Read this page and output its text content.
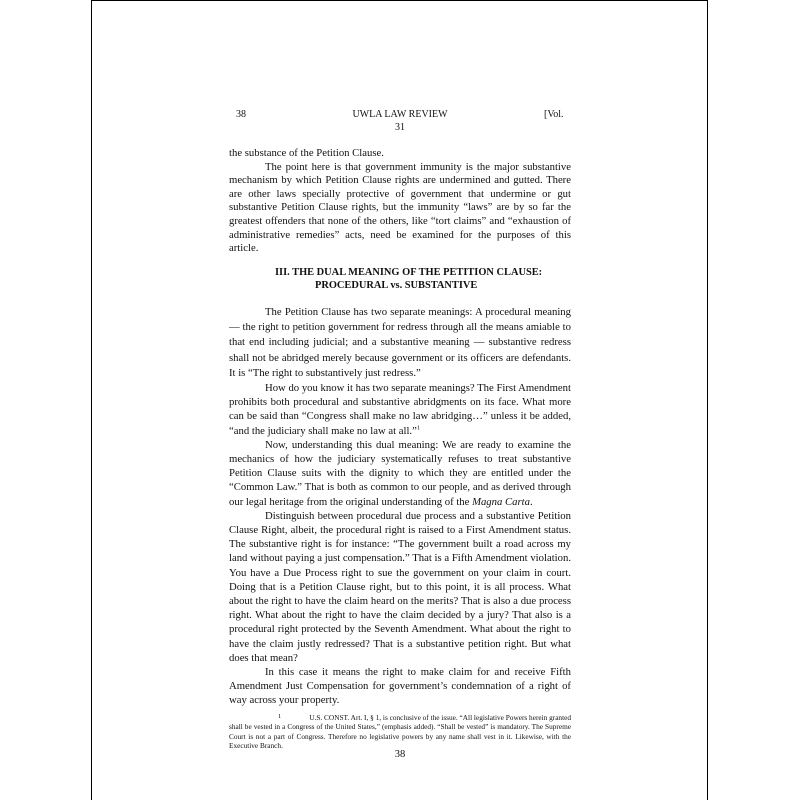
38	UWLA LAW REVIEW	[Vol.
31

the substance of the Petition Clause.

The point here is that government immunity is the major substantive mechanism by which Petition Clause rights are undermined and gutted. There are other laws specially protective of government that undermine or gut substantive Petition Clause rights, but the immunity “laws” are by so far the greatest offenders that none of the others, like “tort claims” and “exhaustion of administrative remedies” acts, need be examined for the purposes of this article.

III. THE DUAL MEANING OF THE PETITION CLAUSE:
PROCEDURAL vs. SUBSTANTIVE

The Petition Clause has two separate meanings: A procedural meaning — the right to petition government for redress through all the means amiable to that end including judicial; and a substantive meaning — substantive redress shall not be abridged merely because government or its officers are defendants. It is “The right to substantively just redress.”

How do you know it has two separate meanings? The First Amendment prohibits both procedural and substantive abridgments on its face. What more can be said than “Congress shall make no law abridging…” unless it be added, “and the judiciary shall make no law at all.”$^1$

Now, understanding this dual meaning: We are ready to examine the mechanics of how the judiciary systematically refuses to treat substantive Petition Clause suits with the dignity to which they are entitled under the “Common Law.” That is both as common to our people, and as derived through our legal heritage from the original understanding of the Magna Carta.

Distinguish between procedural due process and a substantive Petition Clause Right, albeit, the procedural right is raised to a First Amendment status. The substantive right is for instance: “The government built a road across my land without paying a just compensation.” That is a Fifth Amendment violation. You have a Due Process right to sue the government on your claim in court. Doing that is a Petition Clause right, but to this point, it is all process. What about the right to have the claim heard on the merits? That is also a due process right. What about the right to have the claim decided by a jury? That also is a procedural right protected by the Seventh Amendment. What about the right to have the claim justly redressed? That is a substantive petition right. But what does that mean?

In this case it means the right to make claim for and receive Fifth Amendment Just Compensation for government’s condemnation of a right of way across your property.

1	U.S. CONST. Art. I, § 1, is conclusive of the issue. “All legislative Powers herein granted shall be vested in a Congress of the United States,” (emphasis added). “Shall be vested” is mandatory. The Supreme Court is not a part of Congress. Therefore no legislative powers by any name shall vest in it. Likewise, with the Executive Branch.
38
